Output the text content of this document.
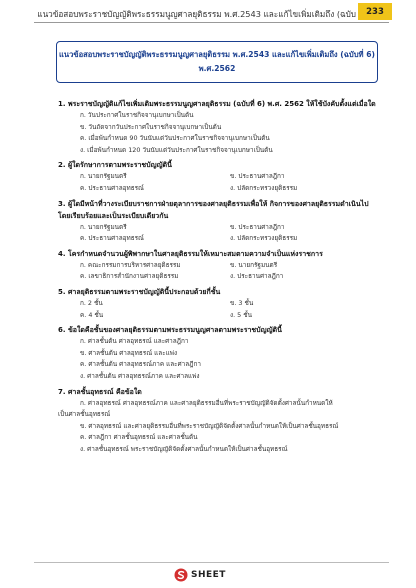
แนวข้อสอบพระราชบัญญัติพระธรรมนูญศาลยุติธรรม พ.ศ.2543 และแก้ไขเพิ่มเติมถึง (ฉบับ	233
แนวข้อสอบพระราชบัญญัติพระธรรมนูญศาลยุติธรรม พ.ศ.2543 และแก้ไขเพิ่มเติมถึง (ฉบับที่ 6)
พ.ศ.2562
1. พระราชบัญญัติแก้ไขเพิ่มเติมพระธรรมนูญศาลยุติธรรม (ฉบับที่ 6) พ.ศ. 2562 ให้ใช้บังคับตั้งแต่เมื่อใด
ก. วันประกาศในราชกิจจานุเบกษาเป็นต้น
ข. วันถัดจากวันประกาศในราชกิจจานุเบกษาเป็นต้น
ค. เมื่อพ้นกำหนด 90 วันนับแต่วันประกาศในราชกิจจานุเบกษาเป็นต้น
ง. เมื่อพ้นกำหนด 120 วันนับแต่วันประกาศในราชกิจจานุเบกษาเป็นต้น
2. ผู้ใดรักษาการตามพระราชบัญญัตินี้
ก. นายกรัฐมนตรี	ข. ประธานศาลฎีกา
ค. ประธานศาลอุทธรณ์	ง. ปลัดกระทรวงยุติธรรม
3. ผู้ใดมีหน้าที่วางระเบียบราชการฝ่ายตุลาการของศาลยุติธรรมเพื่อให้ กิจการของศาลยุติธรรมดำเนินไปโดยเรียบร้อยและเป็นระเบียบเดียวกัน
ก. นายกรัฐมนตรี	ข. ประธานศาลฎีกา
ค. ประธานศาลอุทธรณ์	ง. ปลัดกระทรวงยุติธรรม
4. โครกำหนดจำนวนผู้พิพากษาในศาลยุติธรรมให้เหมาะสมตามความจำเป็นแห่งราชการ
ก. คณะกรรมการบริหารศาลยุติธรรม	ข. นายกรัฐมนตรี
ค. เลขาธิการสำนักงานศาลยุติธรรม	ง. ประธานศาลฎีกา
5. ศาลยุติธรรมตามพระราชบัญญัตินี้ประกอบด้วยกี่ชั้น
ก. 2 ชั้น	ข. 3 ชั้น
ค. 4 ชั้น	ง. 5 ชั้น
6. ข้อใดคือชั้นของศาลยุติธรรมตามพระธรรมนูญศาลตามพระราชบัญญัตินี้
ก. ศาลชั้นต้น ศาลอุทธรณ์ และศาลฎีกา
ข. ศาลชั้นต้น ศาลอุทธรณ์ และแพ่ง
ค. ศาลชั้นต้น ศาลอุทธรณ์ภาค และศาลฎีกา
ง. ศาลชั้นต้น ศาลอุทธรณ์ภาค และศาลแพ่ง
7. ศาลชั้นอุทธรณ์ คือข้อใด
ก. ศาลอุทธรณ์ ศาลอุทธรณ์ภาค และศาลยุติธรรมอื่นที่พระราชบัญญัติจัดตั้งศาลนั้นกำหนดให้
เป็นศาลชั้นอุทธรณ์
ข. ศาลอุทธรณ์ และศาลยุติธรรมอื่นที่พระราชบัญญัติจัดตั้งศาลนั้นกำหนดให้เป็นศาลชั้นอุทธรณ์
ค. ศาลฎีกา ศาลชั้นอุทธรณ์ และศาลชั้นต้น
ง. ศาลชั้นอุทธรณ์ พระราชบัญญัติจัดตั้งศาลนั้นกำหนดให้เป็นศาลชั้นอุทธรณ์
SHEET
